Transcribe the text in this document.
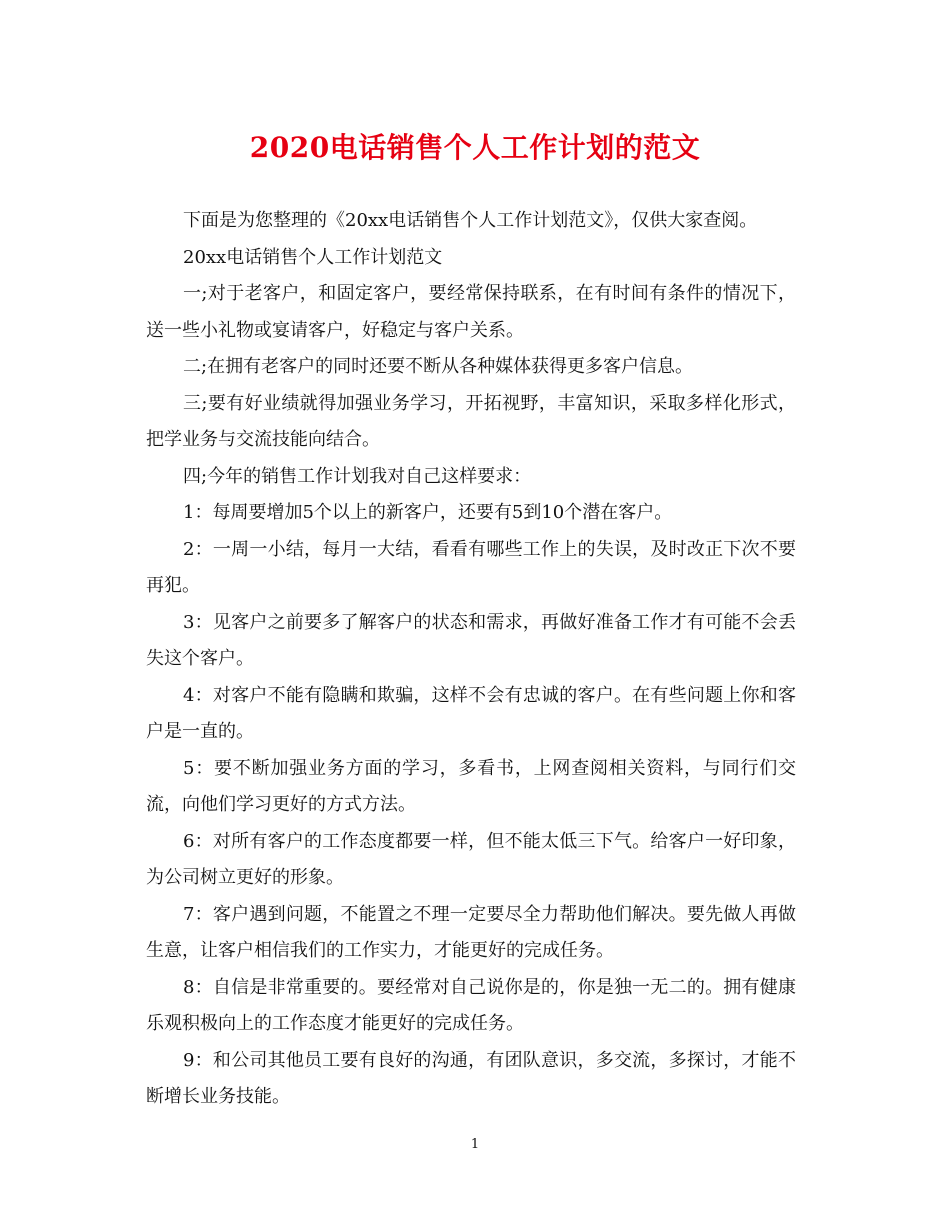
2020电话销售个人工作计划的范文

下面是为您整理的《20xx电话销售个人工作计划范文》，仅供大家查阅。

20xx电话销售个人工作计划范文

一;对于老客户，和固定客户，要经常保持联系，在有时间有条件的情况下，送一些小礼物或宴请客户，好稳定与客户关系。

二;在拥有老客户的同时还要不断从各种媒体获得更多客户信息。

三;要有好业绩就得加强业务学习，开拓视野，丰富知识，采取多样化形式，把学业务与交流技能向结合。

四;今年的销售工作计划我对自己这样要求：

1：每周要增加5个以上的新客户，还要有5到10个潜在客户。

2：一周一小结，每月一大结，看看有哪些工作上的失误，及时改正下次不要再犯。

3：见客户之前要多了解客户的状态和需求，再做好准备工作才有可能不会丢失这个客户。

4：对客户不能有隐瞒和欺骗，这样不会有忠诚的客户。在有些问题上你和客户是一直的。

5：要不断加强业务方面的学习，多看书，上网查阅相关资料，与同行们交流，向他们学习更好的方式方法。

6：对所有客户的工作态度都要一样，但不能太低三下气。给客户一好印象，为公司树立更好的形象。

7：客户遇到问题，不能置之不理一定要尽全力帮助他们解决。要先做人再做生意，让客户相信我们的工作实力，才能更好的完成任务。

8：自信是非常重要的。要经常对自己说你是的，你是独一无二的。拥有健康乐观积极向上的工作态度才能更好的完成任务。

9：和公司其他员工要有良好的沟通，有团队意识，多交流，多探讨，才能不断增长业务技能。

1
